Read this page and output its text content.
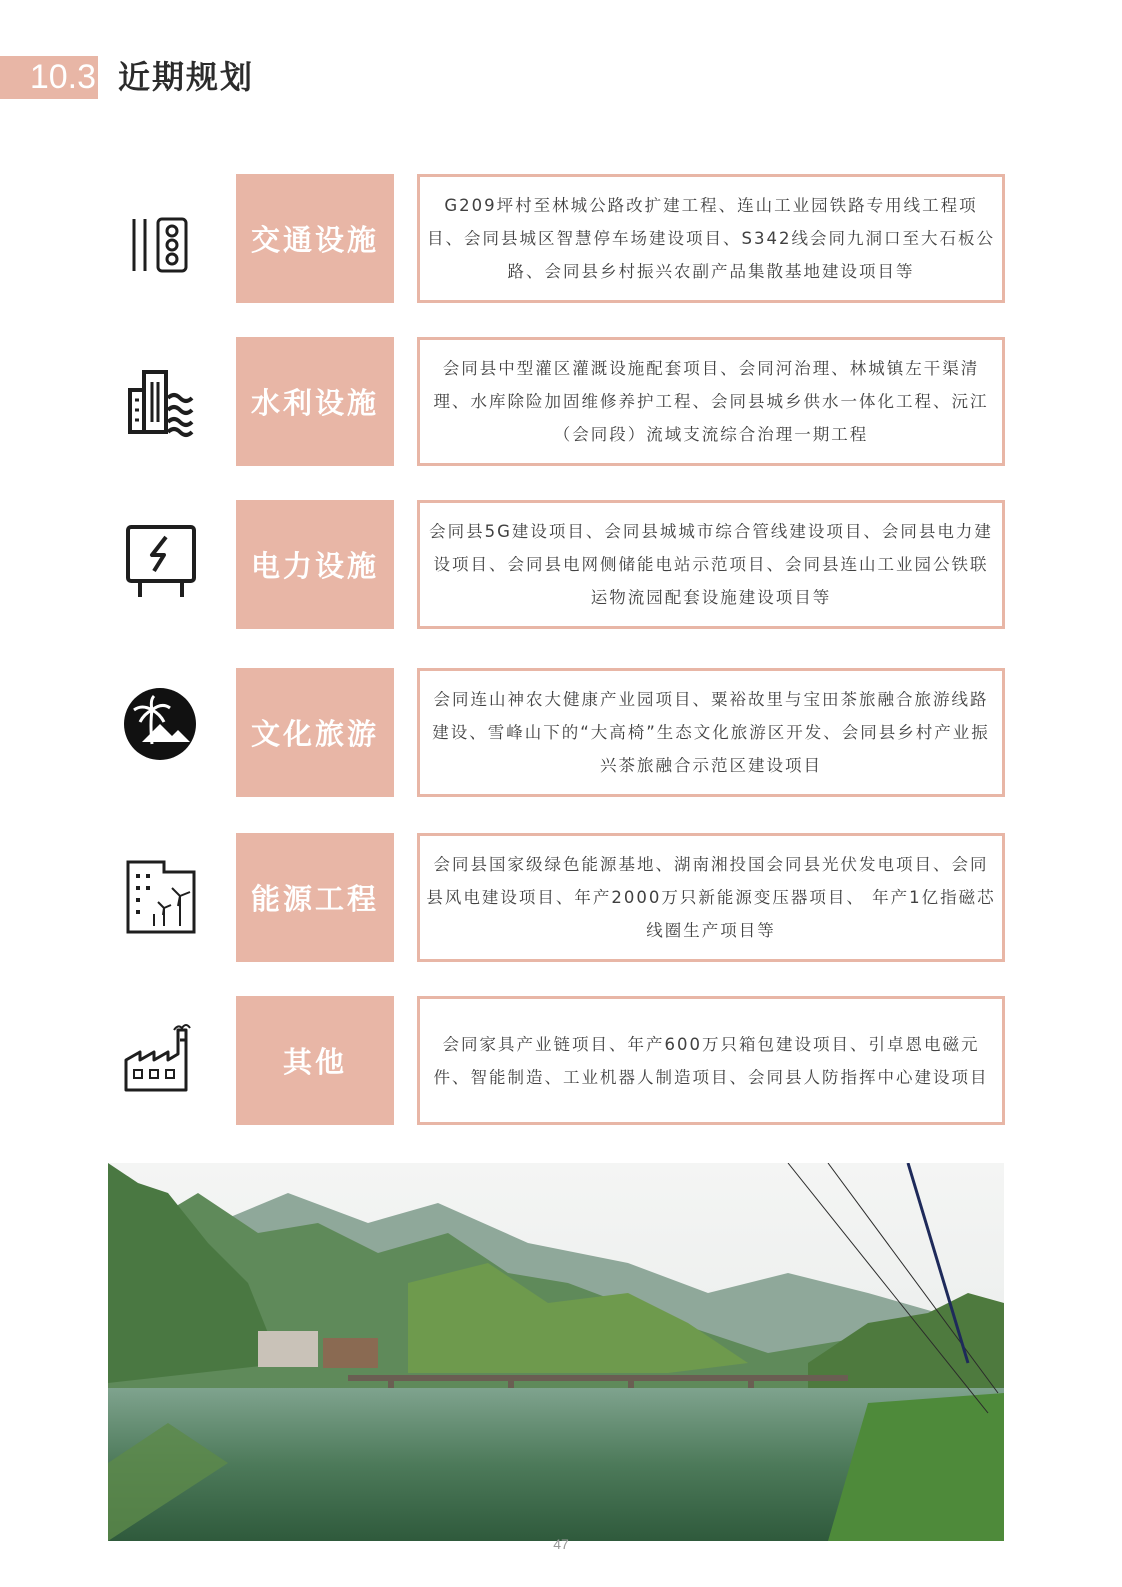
10.3 近期规划
交通设施
G209坪村至林城公路改扩建工程、连山工业园铁路专用线工程项目、会同县城区智慧停车场建设项目、S342线会同九洞口至大石板公路、会同县乡村振兴农副产品集散基地建设项目等
水利设施
会同县中型灌区灌溉设施配套项目、会同河治理、林城镇左干渠清理、水库除险加固维修养护工程、会同县城乡供水一体化工程、沅江（会同段）流域支流综合治理一期工程
电力设施
会同县5G建设项目、会同县城城市综合管线建设项目、会同县电力建设项目、会同县电网侧储能电站示范项目、会同县连山工业园公铁联运物流园配套设施建设项目等
文化旅游
会同连山神农大健康产业园项目、粟裕故里与宝田茶旅融合旅游线路建设、雪峰山下的“大高椅”生态文化旅游区开发、会同县乡村产业振兴茶旅融合示范区建设项目
能源工程
会同县国家级绿色能源基地、湖南湘投国会同县光伏发电项目、会同县风电建设项目、年产2000万只新能源变压器项目、 年产1亿指磁芯线圈生产项目等
其他
会同家具产业链项目、年产600万只箱包建设项目、引卓恩电磁元件、智能制造、工业机器人制造项目、会同县人防指挥中心建设项目
47
